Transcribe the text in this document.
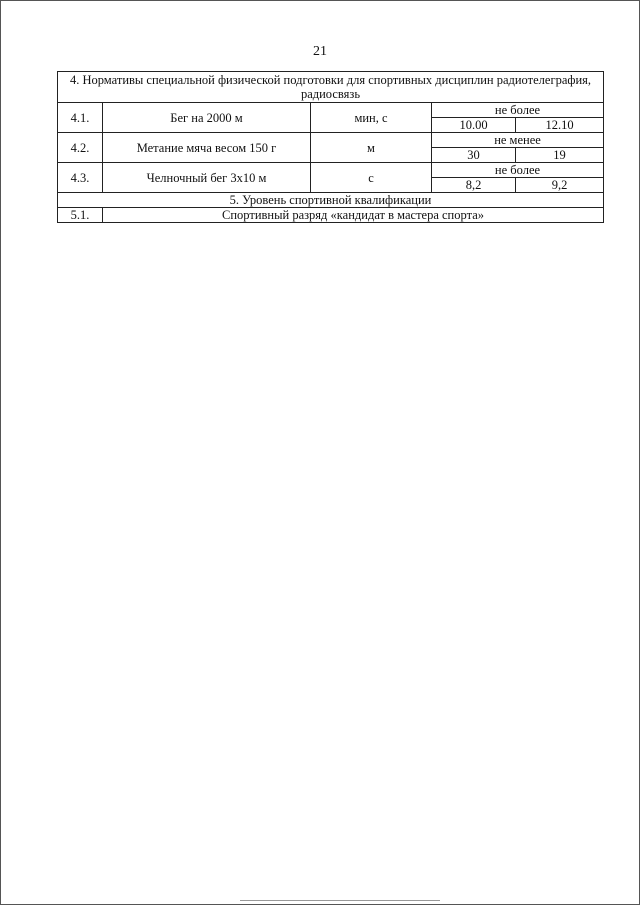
21
4. Нормативы специальной физической подготовки для спортивных дисциплин радиотелеграфия, радиосвязь				
4.1.	Бег на 2000 м	мин, с	не более	
			10.00	12.10
4.2.	Метание мяча весом 150 г	м	не менее	
			30	19
4.3.	Челночный бег 3х10 м	с	не более	
			8,2	9,2
5. Уровень спортивной квалификации				
5.1.	Спортивный разряд «кандидат в мастера спорта»			
